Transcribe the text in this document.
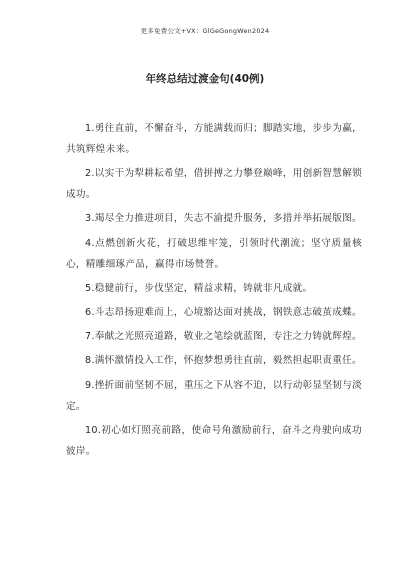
更多免费公文+VX：GlGeGongWen2024
年终总结过渡金句(40例)
1.勇往直前，不懈奋斗，方能满载而归；脚踏实地，步步为赢，共筑辉煌未来。
2.以实干为犁耕耘希望，借拼搏之力攀登巅峰，用创新智慧解锁成功。
3.竭尽全力推进项目，失志不渝提升服务，多措并举拓展版图。
4.点燃创新火花，打破思维牢笼，引领时代潮流；坚守质量核心，精雕细琢产品，赢得市场赞誉。
5.稳健前行，步伐坚定，精益求精，铸就非凡成就。
6.斗志昂扬迎难而上，心境豁达面对挑战，钢铁意志破茧成蝶。
7.奉献之光照亮道路，敬业之笔绘就蓝图，专注之力铸就辉煌。
8.满怀激情投入工作，怀抱梦想勇往直前，毅然担起职责重任。
9.挫折面前坚韧不屈，重压之下从容不迫，以行动彰显坚韧与淡定。
10.初心如灯照亮前路，使命号角激励前行，奋斗之舟驶向成功彼岸。
